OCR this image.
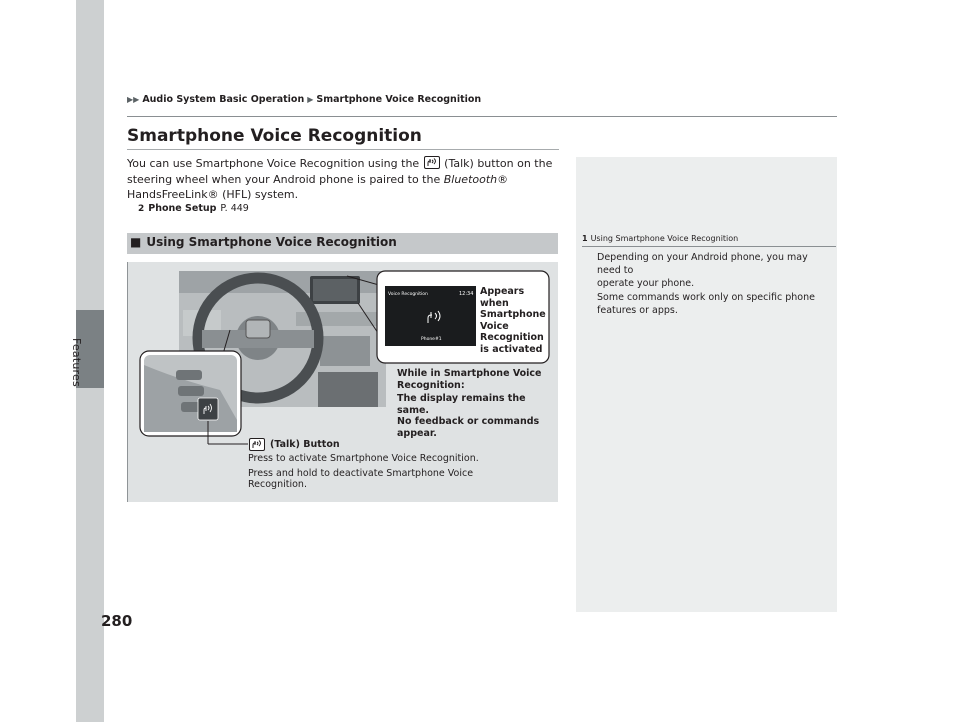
Features
280
▶▶ Audio System Basic Operation ▶ Smartphone Voice Recognition
Smartphone Voice Recognition
You can use Smartphone Voice Recognition using the
(Talk) button on the steering wheel when your Android phone is paired to the Bluetooth® HandsFreeLink® (HFL) system.
2 Phone Setup P. 449
■ Using Smartphone Voice Recognition
Voice Recognition	12:34
Phone#1
Appears
when
Smartphone
Voice
Recognition
is activated
While in Smartphone Voice
Recognition:
The display remains the same.
No feedback or commands
appear.
(Talk) Button
Press to activate Smartphone Voice Recognition.
Press and hold to deactivate Smartphone Voice
Recognition.
1 Using Smartphone Voice Recognition
Depending on your Android phone, you may need to
operate your phone.
Some commands work only on specific phone
features or apps.
